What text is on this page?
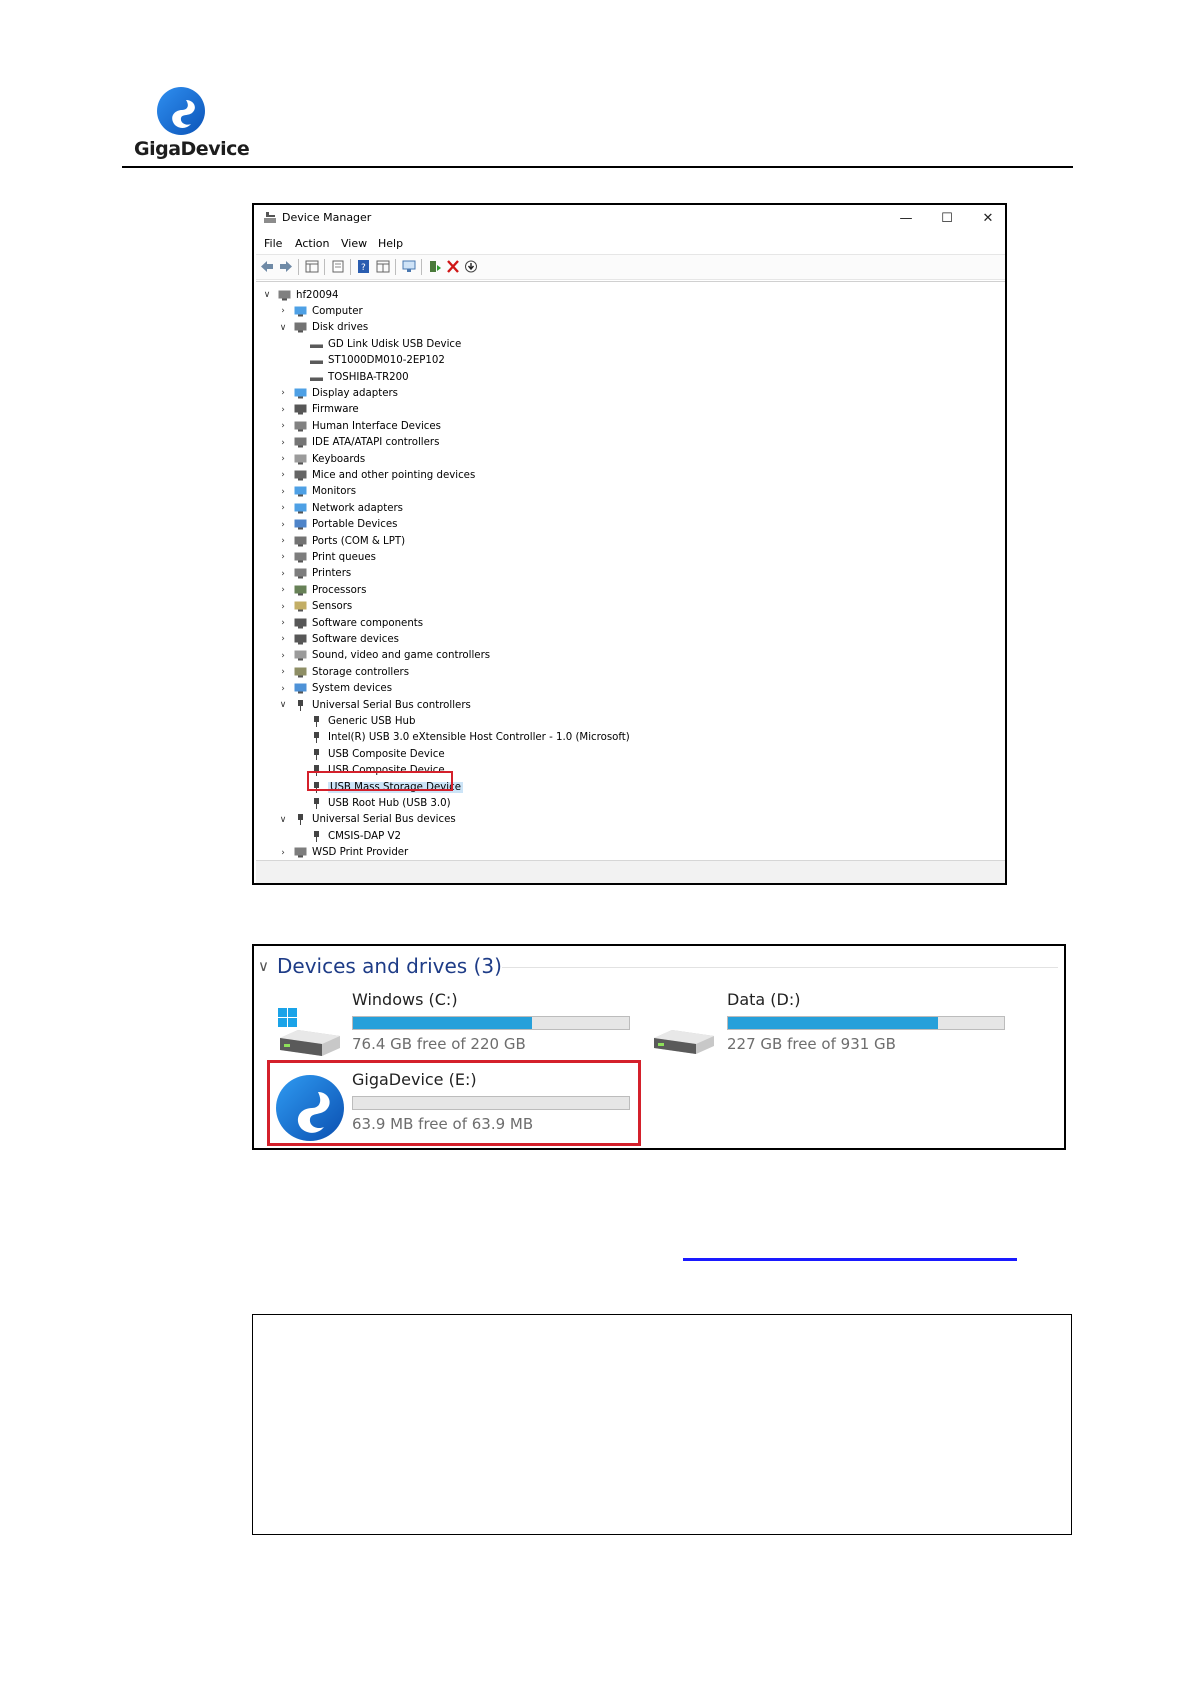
GigaDevice
Device Manager	—	☐	✕
File Action View Help
?
∨	hf20094
›	Computer
∨	Disk drives
GD Link Udisk USB Device
ST1000DM010-2EP102
TOSHIBA-TR200
›	Display adapters
›	Firmware
›	Human Interface Devices
›	IDE ATA/ATAPI controllers
›	Keyboards
›	Mice and other pointing devices
›	Monitors
›	Network adapters
›	Portable Devices
›	Ports (COM & LPT)
›	Print queues
›	Printers
›	Processors
›	Sensors
›	Software components
›	Software devices
›	Sound, video and game controllers
›	Storage controllers
›	System devices
∨	Universal Serial Bus controllers
Generic USB Hub
Intel(R) USB 3.0 eXtensible Host Controller - 1.0 (Microsoft)
USB Composite Device
USB Composite Device
USB Mass Storage Device
USB Root Hub (USB 3.0)
∨	Universal Serial Bus devices
CMSIS-DAP V2
›	WSD Print Provider
∨ Devices and drives (3)
Windows (C:)
76.4 GB free of 220 GB
Data (D:)
227 GB free of 931 GB
GigaDevice (E:)
63.9 MB free of 63.9 MB
